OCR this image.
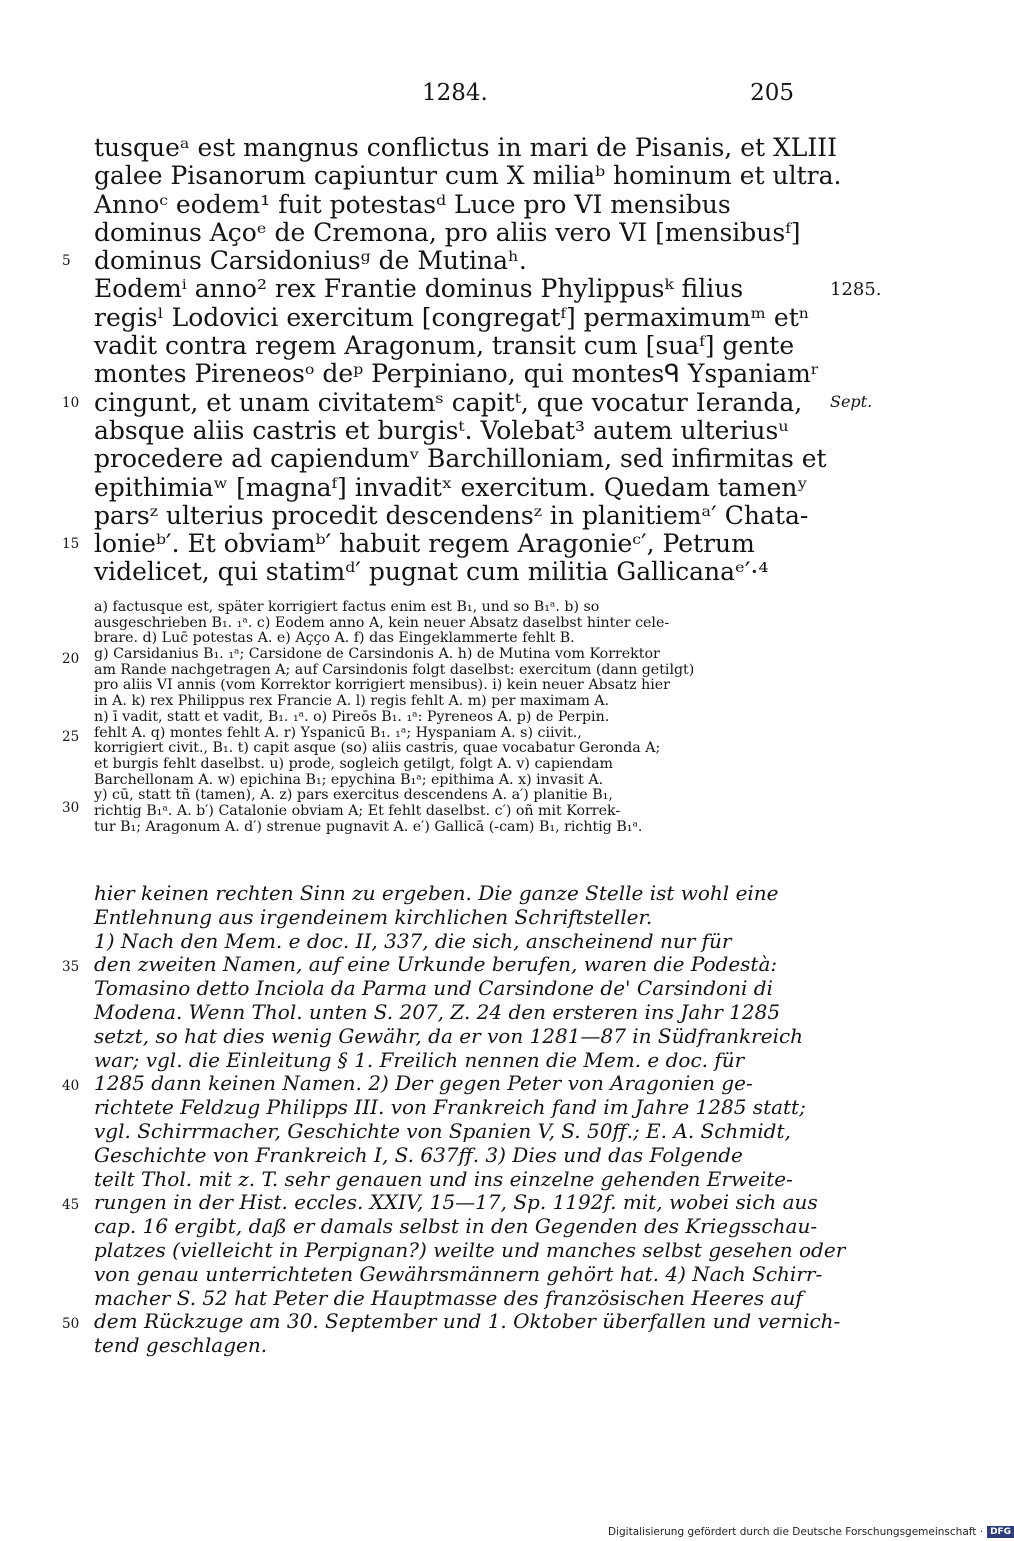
1284.	205
tusqueᵃ est mangnus conflictus in mari de Pisanis, et XLIII
galee Pisanorum capiuntur cum X miliaᵇ hominum et ultra.
Annoᶜ eodem¹ fuit potestasᵈ Luce pro VI mensibus
dominus Açoᵉ de Cremona, pro aliis vero VI [mensibusᶠ]
dominus Carsidoniusᵍ de Mutinaʰ.
Eodemⁱ anno² rex Frantie dominus Phylippusᵏ filius
regisˡ Lodovici exercitum [congregatᶠ] permaximumᵐ etⁿ
vadit contra regem Aragonum, transit cum [suaᶠ] gente
montes Pireneosᵒ deᵖ Perpiniano, qui montesᑫ Yspaniamʳ
cingunt, et unam civitatemˢ capitᵗ, que vocatur Ieranda,
absque aliis castris et burgisᵗ. Volebat³ autem ulteriusᵘ
procedere ad capiendumᵛ Barchilloniam, sed infirmitas et
epithimiaʷ [magnaᶠ] invaditˣ exercitum. Quedam tamenʸ
parsᶻ ulterius procedit descendensᶻ in planitiemᵃ′ Chata-
lonieᵇ′. Et obviamᵇ′ habuit regem Aragonieᶜ′, Petrum
videlicet, qui statimᵈ′ pugnat cum militia Gallicanaᵉ′·⁴
a) factusque est, später korrigiert factus enim est B₁, und so B₁ᵃ. b) so
ausgeschrieben B₁. ₁ᵃ. c) Eodem anno A, kein neuer Absatz daselbst hinter cele-
brare. d) Luc̄ potestas A. e) Açço A. f) das Eingeklammerte fehlt B.
g) Carsidanius B₁. ₁ᵃ; Carsidone de Carsindonis A. h) de Mutina vom Korrektor
am Rande nachgetragen A; auf Carsindonis folgt daselbst: exercitum (dann getilgt)
pro aliis VI annis (vom Korrektor korrigiert mensibus). i) kein neuer Absatz hier
in A. k) rex Philippus rex Francie A. l) regis fehlt A. m) per maximam A.
n) ī vadit, statt et vadit, B₁. ₁ᵃ. o) Pireōs B₁. ₁ᵃ: Pyreneos A. p) de Perpin.
fehlt A. q) montes fehlt A. r) Yspanicū B₁. ₁ᵃ; Hyspaniam A. s) ciivit.,
korrigiert civit., B₁. t) capit asque (so) aliis castris, quae vocabatur Geronda A;
et burgis fehlt daselbst. u) prode, sogleich getilgt, folgt A. v) capiendam
Barchellonam A. w) epichina B₁; epychina B₁ᵃ; epithima A. x) invasit A.
y) cū, statt tñ (tamen), A. z) pars exercitus descendens A. a′) planitie B₁,
richtig B₁ᵃ. A. b′) Catalonie obviam A; Et fehlt daselbst. c′) oñ mit Korrek-
tur B₁; Aragonum A. d′) strenue pugnavit A. e′) Gallicā (-cam) B₁, richtig B₁ᵃ.
hier keinen rechten Sinn zu ergeben. Die ganze Stelle ist wohl eine
Entlehnung aus irgendeinem kirchlichen Schriftsteller.
1) Nach den Mem. e doc. II, 337, die sich, anscheinend nur für
den zweiten Namen, auf eine Urkunde berufen, waren die Podestà:
Tomasino detto Inciola da Parma und Carsindone de' Carsindoni di
Modena. Wenn Thol. unten S. 207, Z. 24 den ersteren ins Jahr 1285
setzt, so hat dies wenig Gewähr, da er von 1281—87 in Südfrankreich
war; vgl. die Einleitung § 1. Freilich nennen die Mem. e doc. für
1285 dann keinen Namen. 2) Der gegen Peter von Aragonien ge-
richtete Feldzug Philipps III. von Frankreich fand im Jahre 1285 statt;
vgl. Schirrmacher, Geschichte von Spanien V, S. 50ff.; E. A. Schmidt,
Geschichte von Frankreich I, S. 637ff. 3) Dies und das Folgende
teilt Thol. mit z. T. sehr genauen und ins einzelne gehenden Erweite-
rungen in der Hist. eccles. XXIV, 15—17, Sp. 1192f. mit, wobei sich aus
cap. 16 ergibt, daß er damals selbst in den Gegenden des Kriegsschau-
platzes (vielleicht in Perpignan?) weilte und manches selbst gesehen oder
von genau unterrichteten Gewährsmännern gehört hat. 4) Nach Schirr-
macher S. 52 hat Peter die Hauptmasse des französischen Heeres auf
dem Rückzuge am 30. September und 1. Oktober überfallen und vernich-
tend geschlagen.
5
10
15
20
25
30
35
40
45
50
1285.
Sept.
Digitalisierung gefördert durch die Deutsche Forschungsgemeinschaft · DFG
